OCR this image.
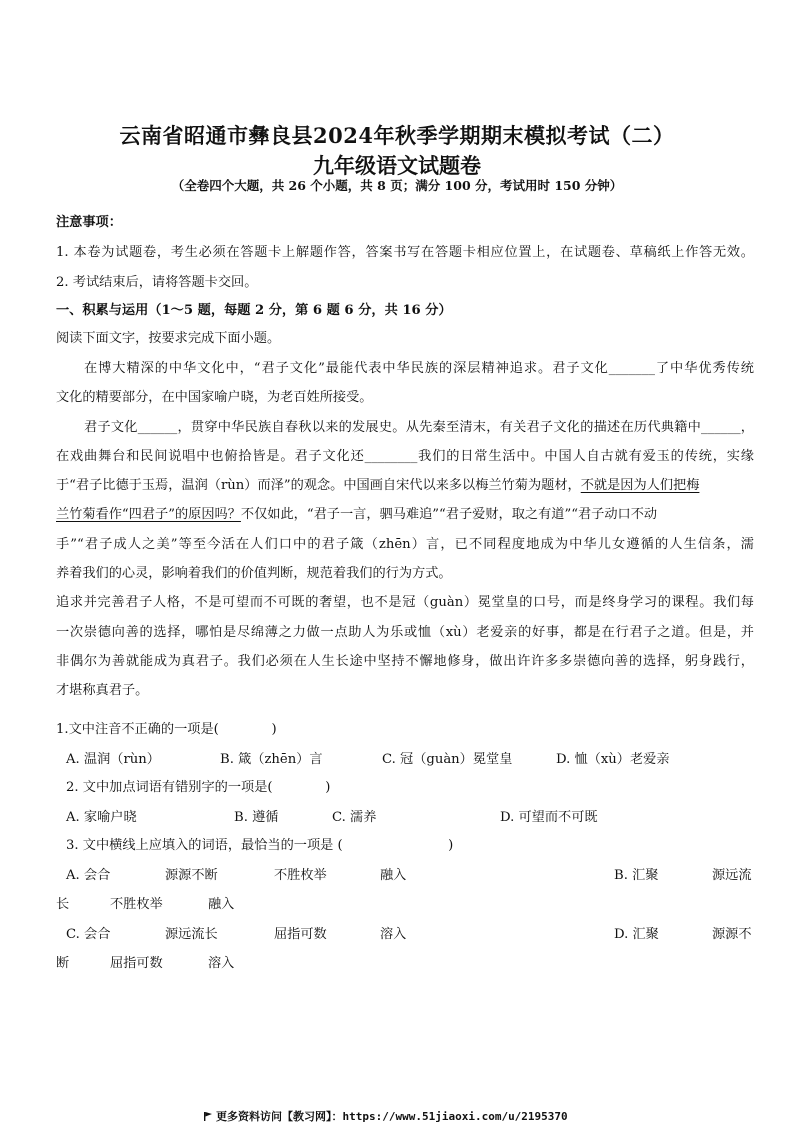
云南省昭通市彝良县2024年秋季学期期末模拟考试（二）
九年级语文试题卷
（全卷四个大题，共 26 个小题，共 8 页；满分 100 分，考试用时 150 分钟）
注意事项：
1. 本卷为试题卷，考生必须在答题卡上解题作答，答案书写在答题卡相应位置上，在试题卷、草稿纸上作答无效。
2. 考试结束后，请将答题卡交回。
一、积累与运用（1～5 题，每题 2 分，第 6 题 6 分，共 16 分）
阅读下面文字，按要求完成下面小题。
在博大精深的中华文化中，“君子文化”最能代表中华民族的深层精神追求。君子文化_______了中华优秀传统
文化的精要部分，在中国家喻户晓，为老百姓所接受。
君子文化______，贯穿中华民族自春秋以来的发展史。从先秦至清末，有关君子文化的描述在历代典籍中______，
在戏曲舞台和民间说唱中也俯拾皆是。君子文化还________我们的日常生活中。中国人自古就有爱玉的传统，实缘
于“君子比德于玉焉，温润（rùn）而泽”的观念。中国画自宋代以来多以梅兰竹菊为题材，不就是因为人们把梅
兰竹菊看作“四君子”的原因吗？不仅如此，“君子一言，驷马难追”“君子爱财，取之有道”“君子动口不动
手”“君子成人之美”等至今活在人们口中的君子箴（zhēn）言，已不同程度地成为中华儿女遵循的人生信条，濡
养着我们的心灵，影响着我们的价值判断，规范着我们的行为方式。
追求并完善君子人格，不是可望而不可既的奢望，也不是冠（guàn）冕堂皇的口号，而是终身学习的课程。我们每
一次崇德向善的选择，哪怕是尽绵薄之力做一点助人为乐或恤（xù）老爱亲的好事，都是在行君子之道。但是，并
非偶尔为善就能成为真君子。我们必须在人生长途中坚持不懈地修身，做出许许多多崇德向善的选择，躬身践行，
才堪称真君子。
1.文中注音不正确的一项是(　　　　)
A. 温润（rùn）	B. 箴（zhēn）言	C. 冠（guàn）冕堂皇	D. 恤（xù）老爱亲
2. 文中加点词语有错别字的一项是(　　　　)
A. 家喻户晓	B. 遵循	C. 濡养	D. 可望而不可既
3. 文中横线上应填入的词语，最恰当的一项是 (　　　　　　　　)
A. 会合	源源不断	不胜枚举	融入	B. 汇聚	源远流
长	不胜枚举	融入
C. 会合	源远流长	屈指可数	溶入	D. 汇聚	源源不
断	屈指可数	溶入
更多资料访问【教习网】：https://www.51jiaoxi.com/u/2195370
